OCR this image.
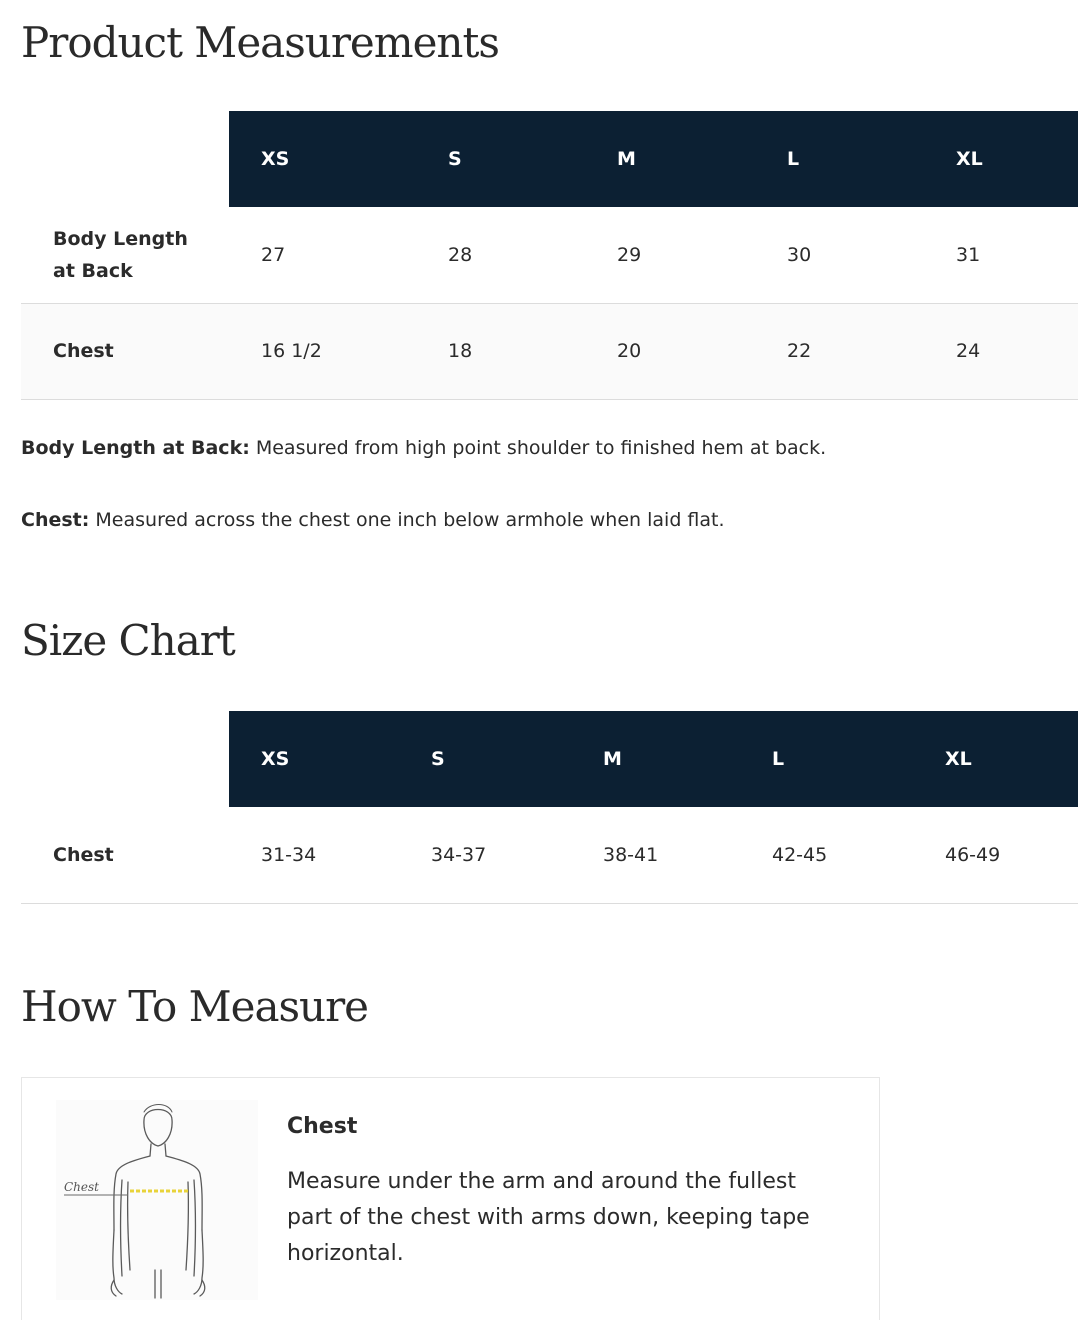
Product Measurements
	XS	S	M	L	XL
Body Length at Back	27	28	29	30	31
Chest	16 1/2	18	20	22	24

Body Length at Back: Measured from high point shoulder to finished hem at back.

Chest: Measured across the chest one inch below armhole when laid flat.

Size Chart
	XS	S	M	L	XL
Chest	31-34	34-37	38-41	42-45	46-49
How To Measure
Chest
Chest

Measure under the arm and around the fullest part of the chest with arms down, keeping tape horizontal.
